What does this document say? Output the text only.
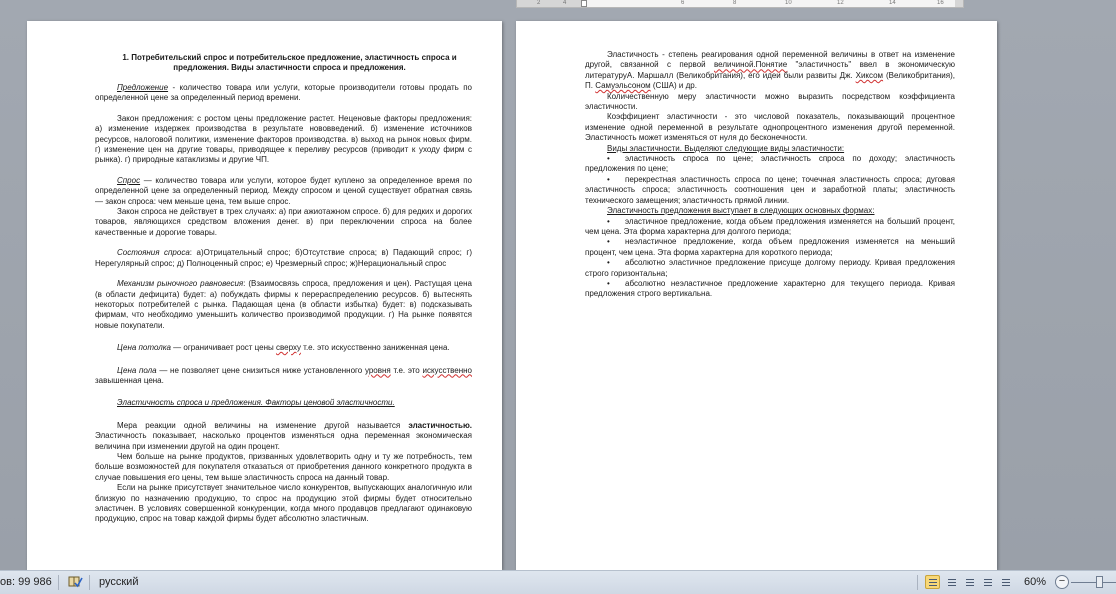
2	4	6	8	10	12	14	16
1. Потребительский спрос и потребительское предложение, эластичность спроса и предложения. Виды эластичности спроса и предложения.

Предложение - количество товара или услуги, которые производители готовы продать по определенной цене за определенный период времени.

Закон предложения: с ростом цены предложение растет. Неценовые факторы предложения: а) изменение издержек производства в результате нововведений. б) изменение источников ресурсов, налоговой политики, изменение факторов производства. в) выход на рынок новых фирм. г) изменение цен на другие товары, приводящее к переливу ресурсов (приводит к уходу фирм с рынка). г) природные катаклизмы и другие ЧП.

Спрос — количество товара или услуги, которое будет куплено за определенное время по определенной цене за определенный период. Между спросом и ценой существует обратная связь — закон спроса: чем меньше цена, тем выше спрос.

Закон спроса не действует в трех случаях: а) при ажиотажном спросе. б) для редких и дорогих товаров, являющихся средством вложения денег. в) при переключении спроса на более качественные и дорогие товары.

Состояния спроса: а)Отрицательный спрос; б)Отсутствие спроса; в) Падающий спрос; г) Нерегулярный спрос; д) Полноценный спрос; е) Чрезмерный спрос; ж)Нерациональный спрос

Механизм рыночного равновесия: (Взаимосвязь спроса, предложения и цен). Растущая цена (в области дефицита) будет: а) побуждать фирмы к перераспределению ресурсов. б) вытеснять некоторых потребителей с рынка. Падающая цена (в области избытка) будет: в) подсказывать фирмам, что необходимо уменьшить количество производимой продукции. г) На рынке появятся новые покупатели.

Цена потолка — ограничивает рост цены сверху т.е. это искусственно заниженная цена.

Цена пола — не позволяет цене снизиться ниже установленного уровня т.е. это искусственно завышенная цена.

Эластичность спроса и предложения. Факторы ценовой эластичности.

Мера реакции одной величины на изменение другой называется эластичностью. Эластичность показывает, насколько процентов изменяться одна переменная экономическая величина при изменении другой на один процент.

Чем больше на рынке продуктов, призванных удовлетворить одну и ту же потребность, тем больше возможностей для покупателя отказаться от приобретения данного конкретного продукта в случае повышения его цены, тем выше эластичность спроса на данный товар.

Если на рынке присутствует значительное число конкурентов, выпускающих аналогичную или близкую по назначению продукцию, то спрос на продукцию этой фирмы будет относительно эластичен. В условиях совершенной конкуренции, когда много продавцов предлагают одинаковую продукцию, спрос на товар каждой фирмы будет абсолютно эластичным.

Эластичность - степень реагирования одной переменной величины в ответ на изменение другой, связанной с первой величиной.Понятие "эластичность" ввел в экономическую литературуА. Маршалл (Великобритания), его идеи были развиты Дж. Хиксом (Великобритания), П. Самуэльсоном (США) и др.

Количественную меру эластичности можно выразить посредством коэффициента эластичности.

Коэффициент эластичности - это числовой показатель, показывающий процентное изменение одной переменной в результате однопроцентного изменения другой переменной. Эластичность может изменяться от нуля до бесконечности.

Виды эластичности. Выделяют следующие виды эластичности:

• эластичность спроса по цене; эластичность спроса по доходу; эластичность предложения по цене;
• перекрестная эластичность спроса по цене; точечная эластичность спроса; дуговая эластичность спроса; эластичность соотношения цен и заработной платы; эластичность технического замещения; эластичность прямой линии.

Эластичность предложения выступает в следующих основных формах:

• эластичное предложение, когда объем предложения изменяется на больший процент, чем цена. Эта форма характерна для долгого периода;
• неэластичное предложение, когда объем предложения изменяется на меньший процент, чем цена. Эта форма характерна для короткого периода;
• абсолютно эластичное предложение присуще долгому периоду. Кривая предложения строго горизонтальна;
• абсолютно неэластичное предложение характерно для текущего периода. Кривая предложения строго вертикальна.
ов: 99 986	русский	60%	−
